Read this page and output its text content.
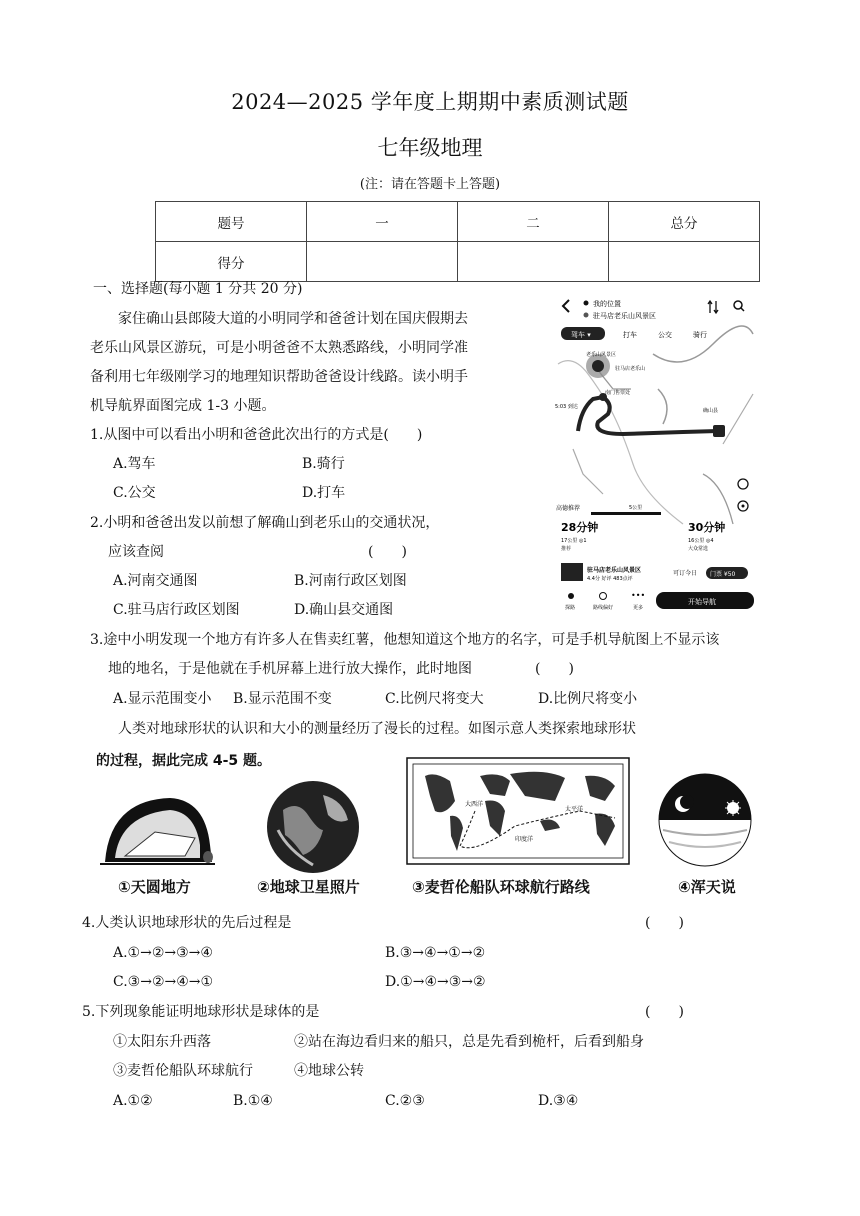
2024—2025 学年度上期期中素质测试题
七年级地理
(注：请在答题卡上答题)
题号	一	二	总分
得分			
一、选择题(每小题 1 分共 20 分)
家住确山县郎陵大道的小明同学和爸爸计划在国庆假期去
老乐山风景区游玩，可是小明爸爸不太熟悉路线，小明同学准
备利用七年级刚学习的地理知识帮助爸爸设计线路。读小明手
机导航界面图完成 1-3 小题。
1.从图中可以看出小明和爸爸此次出行的方式是(　　)
A.驾车	B.骑行
C.公交	D.打车
2.小明和爸爸出发以前想了解确山到老乐山的交通状况，
应该查阅	(　　)
A.河南交通图	B.河南行政区划图
C.驻马店行政区划图	D.确山县交通图
我的位置
驻马店老乐山风景区
驾车 ▾	打车	公交	骑行
老乐山风景区
驻马店老乐山
确山县
南门售票处
5:03 到达
高德推荐	5公里
28分钟
17公里 ◎1
推荐
30分钟
16公里 ◎4
大众常选
驻马店老乐山风景区
4.4分 好评 483点评
可订今日 门票 ¥50
探路	路线偏好
•••
更多
开始导航
3.途中小明发现一个地方有许多人在售卖红薯，他想知道这个地方的名字，可是手机导航图上不显示该
地的地名，于是他就在手机屏幕上进行放大操作，此时地图	(　　)
A.显示范围变小 B.显示范围不变	C.比例尺将变大	D.比例尺将变小
人类对地球形状的认识和大小的测量经历了漫长的过程。如图示意人类探索地球形状
的过程，据此完成 4-5 题。
①天圆地方	②地球卫星照片
太平洋
大西洋
印度洋
③麦哲伦船队环球航行路线	④浑天说
4.人类认识地球形状的先后过程是	(　　)
A.①→②→③→④	B.③→④→①→②
C.③→②→④→①	D.①→④→③→②
5.下列现象能证明地球形状是球体的是	(　　)
①太阳东升西落	②站在海边看归来的船只，总是先看到桅杆，后看到船身
③麦哲伦船队环球航行	④地球公转
A.①②	B.①④	C.②③	D.③④
